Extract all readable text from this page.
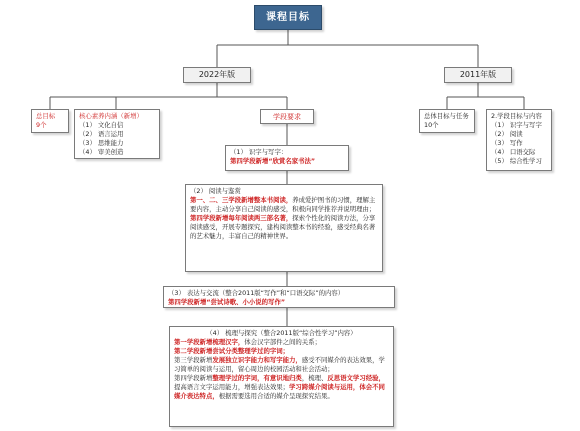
课程目标
2022年版	2011年版
总目标
9个
核心素养内涵（新增）
（1） 文化自信
（2） 语言运用
（3） 思维能力
（4） 审美创造
学段要求
（1） 识字与写字：
第四学段新增“欣赏名家书法”
（2） 阅读与鉴赏
第一、二、三学段新增整本书阅读，养成爱护图书的习惯，理解主要内容，主动分享自己阅读的感受，积极向同学推荐并说明理由；
第四学段新增每年阅读两三部名著，探索个性化的阅读方法，分享阅读感受，开展专题探究，建构阅读整本书的经验，感受经典名著的艺术魅力，丰富自己的精神世界。
（3） 表达与交流（整合2011版“写作”和“口语交际”的内容）
第四学段新增“尝试诗歌、小小说的写作”
（4） 梳理与探究（整合2011版“综合性学习”内容）
第一学段新增梳理汉字，体会汉字部件之间的关系；
第二学段新增尝试分类整理学过的字词；
第三学段新增发展独立识字能力和写字能力，感受不同媒介的表达效果，学习简单的阅读与运用，留心周边的校园活动和社会活动；
第四学段新增整理学过的字词，有意识地归类，梳理、反思语文学习经验，提高语言文字运用能力，增强表达效果；学习跨媒介阅读与运用，体会不同媒介表达特点，根据需要选用合适的媒介呈现探究结果。
总体目标与任务
10个
2.学段目标与内容
（1） 识字与写字
（2） 阅读
（3） 写作
（4） 口语交际
（5） 综合性学习
